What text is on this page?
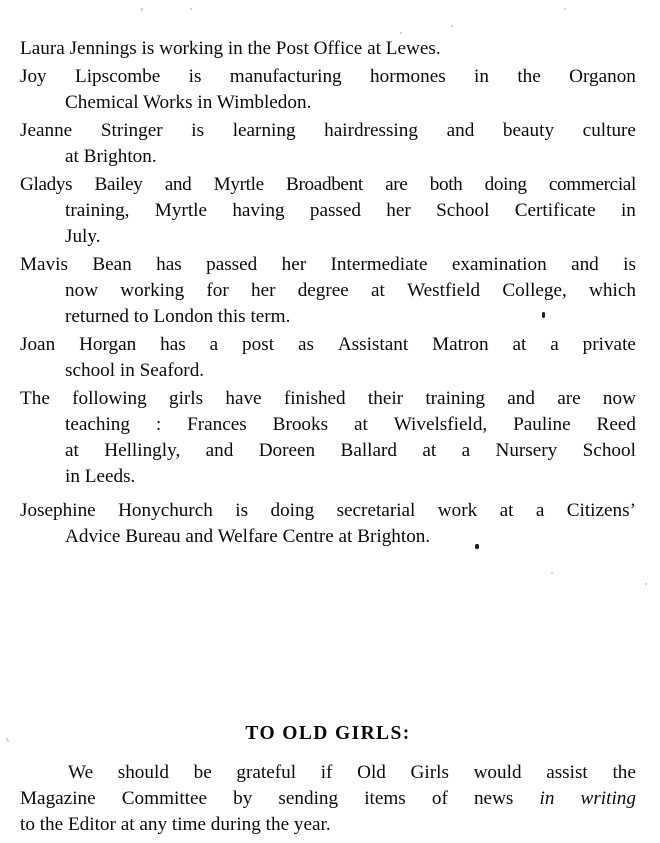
Laura Jennings is working in the Post Office at Lewes.

Joy Lipscombe is manufacturing hormones in the Organon
Chemical Works in Wimbledon.

Jeanne Stringer is learning hairdressing and beauty culture
at Brighton.

Gladys Bailey and Myrtle Broadbent are both doing commercial
training, Myrtle having passed her School Certificate in
July.

Mavis Bean has passed her Intermediate examination and is
now working for her degree at Westfield College, which
returned to London this term.

Joan Horgan has a post as Assistant Matron at a private
school in Seaford.

The following girls have finished their training and are now
teaching : Frances Brooks at Wivelsfield, Pauline Reed
at Hellingly, and Doreen Ballard at a Nursery School
in Leeds.

Josephine Honychurch is doing secretarial work at a Citizens’
Advice Bureau and Welfare Centre at Brighton.

TO OLD GIRLS:
We should be grateful if Old Girls would assist the
Magazine Committee by sending items of news in writing
to the Editor at any time during the year.
